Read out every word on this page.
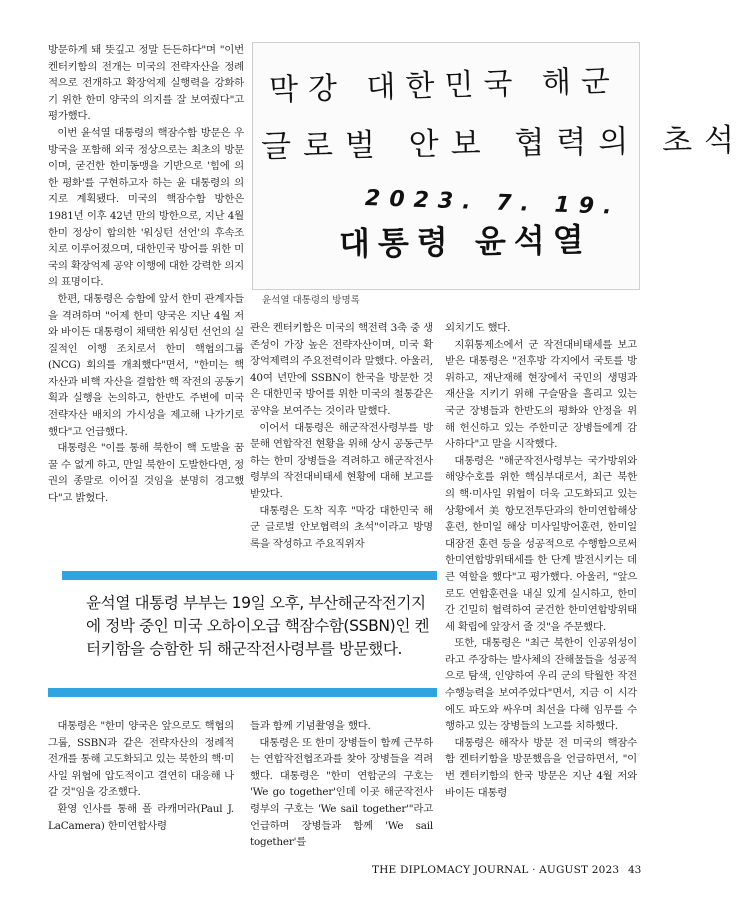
방문하게 돼 뜻깊고 정말 든든하다"며 "이번 켄터키함의 전개는 미국의 전략자산을 정례적으로 전개하고 확장억제 실행력을 강화하기 위한 한미 양국의 의지를 잘 보여줬다"고 평가했다.

이번 윤석열 대통령의 핵잠수함 방문은 우방국을 포함해 외국 정상으로는 최초의 방문이며, 굳건한 한미동맹을 기반으로 '힘에 의한 평화'를 구현하고자 하는 윤 대통령의 의지로 계획됐다. 미국의 핵잠수함 방한은 1981년 이후 42년 만의 방한으로, 지난 4월 한미 정상이 합의한 '워싱턴 선언'의 후속조치로 이루어졌으며, 대한민국 방어를 위한 미국의 확장억제 공약 이행에 대한 강력한 의지의 표명이다.

한편, 대통령은 승함에 앞서 한미 관계자들을 격려하며 "어제 한미 양국은 지난 4월 저와 바이든 대통령이 채택한 워싱턴 선언의 실질적인 이행 조치로서 한미 핵협의그룹(NCG) 회의를 개최했다"면서, "한미는 핵 자산과 비핵 자산을 결합한 핵 작전의 공동기획과 실행을 논의하고, 한반도 주변에 미국 전략자산 배치의 가시성을 제고해 나가기로 했다"고 언급했다.

대통령은 "이를 통해 북한이 핵 도발을 꿈꿀 수 없게 하고, 만일 북한이 도발한다면, 정권의 종말로 이어질 것임을 분명히 경고했다"고 밝혔다.

막강 대한민국 해군
글로벌 안보 협력의 초석
2023. 7. 19.
대통령 윤석열
윤석열 대통령의 방명록

관은 켄터키함은 미국의 핵전력 3축 중 생존성이 가장 높은 전략자산이며, 미국 확장억제력의 주요전력이라 말했다. 아울러, 40여 년만에 SSBN이 한국을 방문한 것은 대한민국 방어를 위한 미국의 철통같은 공약을 보여주는 것이라 말했다.

이어서 대통령은 해군작전사령부를 방문해 연합작전 현황을 위해 상시 공동근무하는 한미 장병들을 격려하고 해군작전사령부의 작전대비태세 현황에 대해 보고를 받았다.

대통령은 도착 직후 "막강 대한민국 해군 글로벌 안보협력의 초석"이라고 방명록을 작성하고 주요직위자

외치기도 했다.

지휘통제소에서 군 작전대비태세를 보고받은 대통령은 "전후방 각지에서 국토를 방위하고, 재난재해 현장에서 국민의 생명과 재산을 지키기 위해 구슬땀을 흘리고 있는 국군 장병들과 한반도의 평화와 안정을 위해 헌신하고 있는 주한미군 장병들에게 감사하다"고 말을 시작했다.

대통령은 "해군작전사령부는 국가방위와 해양수호를 위한 핵심부대로서, 최근 북한의 핵·미사일 위협이 더욱 고도화되고 있는 상황에서 美 항모전투단과의 한미연합해상훈련, 한미일 해상 미사일방어훈련, 한미일 대잠전 훈련 등을 성공적으로 수행함으로써 한미연합방위태세를 한 단계 발전시키는 데 큰 역할을 했다"고 평가했다. 아울러, "앞으로도 연합훈련을 내실 있게 실시하고, 한미 간 긴밀히 협력하여 굳건한 한미연합방위태세 확립에 앞장서 줄 것"을 주문했다.

또한, 대통령은 "최근 북한이 인공위성이라고 주장하는 발사체의 잔해물들을 성공적으로 탐색, 인양하여 우리 군의 탁월한 작전수행능력을 보여주었다"면서, 지금 이 시각에도 파도와 싸우며 최선을 다해 임무를 수행하고 있는 장병들의 노고를 치하했다.

대통령은 해작사 방문 전 미국의 핵잠수함 켄터키함을 방문했음을 언급하면서, "이번 켄터키함의 한국 방문은 지난 4월 저와 바이든 대통령

윤석열 대통령 부부는 19일 오후, 부산해군작전기지에 정박 중인 미국 오하이오급 핵잠수함(SSBN)인 켄터키함을 승함한 뒤 해군작전사령부를 방문했다.

대통령은 "한미 양국은 앞으로도 핵협의그룹, SSBN과 같은 전략자산의 정례적 전개를 통해 고도화되고 있는 북한의 핵·미사일 위협에 압도적이고 결연히 대응해 나갈 것"임을 강조했다.

환영 인사를 통해 폴 라캐머라(Paul J. LaCamera) 한미연합사령

들과 함께 기념촬영을 했다.

대통령은 또 한미 장병들이 함께 근무하는 연합작전협조과를 찾아 장병들을 격려했다. 대통령은 "한미 연합군의 구호는 'We go together'인데 이곳 해군작전사령부의 구호는 'We sail together'"라고 언급하며 장병들과 함께 'We sail together'를

THE DIPLOMACY JOURNAL · AUGUST 2023 43
